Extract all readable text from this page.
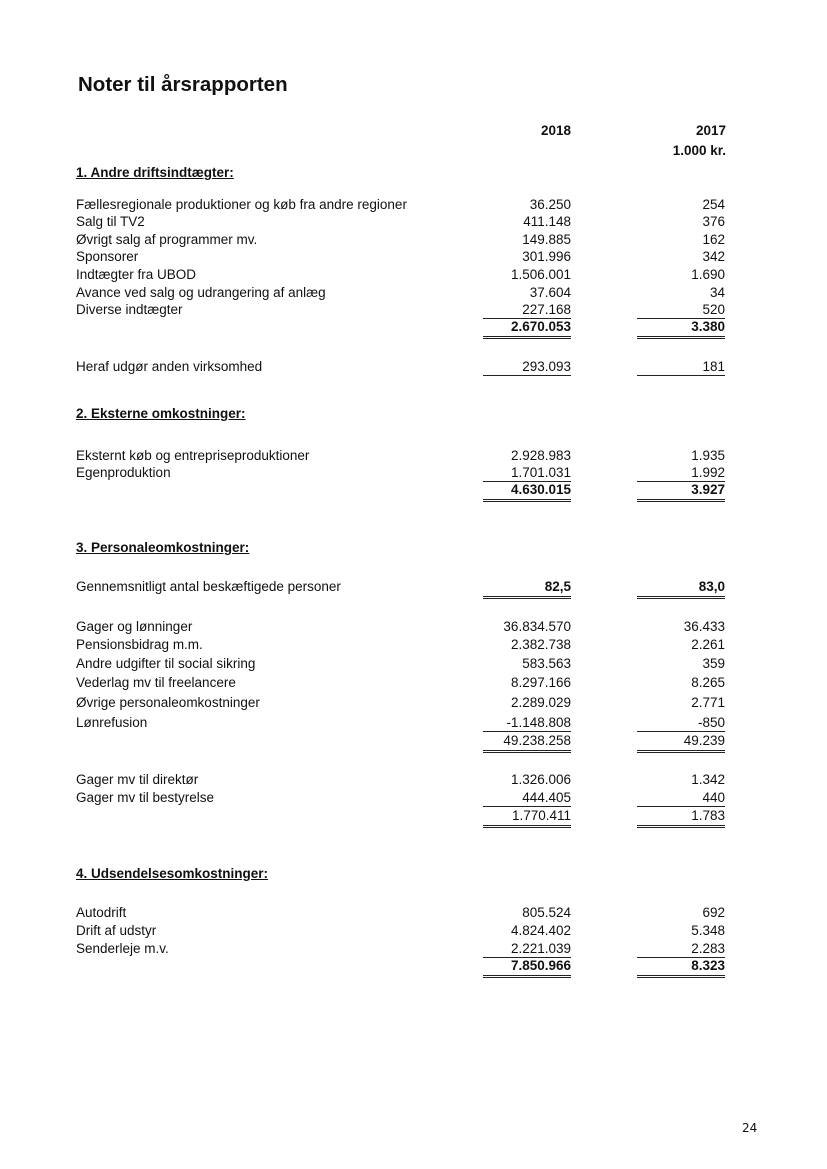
Noter til årsrapporten
2018	2017
1.000 kr.
1. Andre driftsindtægter:
Fællesregionale produktioner og køb fra andre regioner	36.250	254
Salg til TV2	411.148	376
Øvrigt salg af programmer mv.	149.885	162
Sponsorer	301.996	342
Indtægter fra UBOD	1.506.001	1.690
Avance ved salg og udrangering af anlæg	37.604	34
Diverse indtægter	227.168	520
2.670.053	3.380
Heraf udgør anden virksomhed	293.093	181
2. Eksterne omkostninger:
Eksternt køb og entrepriseproduktioner	2.928.983	1.935
Egenproduktion	1.701.031	1.992
4.630.015	3.927
3. Personaleomkostninger:
Gennemsnitligt antal beskæftigede personer	82,5	83,0
Gager og lønninger	36.834.570	36.433
Pensionsbidrag m.m.	2.382.738	2.261
Andre udgifter til social sikring	583.563	359
Vederlag mv til freelancere	8.297.166	8.265
Øvrige personaleomkostninger	2.289.029	2.771
Lønrefusion	-1.148.808	-850
49.238.258	49.239
Gager mv til direktør	1.326.006	1.342
Gager mv til bestyrelse	444.405	440
1.770.411	1.783
4. Udsendelsesomkostninger:
Autodrift	805.524	692
Drift af udstyr	4.824.402	5.348
Senderleje m.v.	2.221.039	2.283
7.850.966	8.323
24
